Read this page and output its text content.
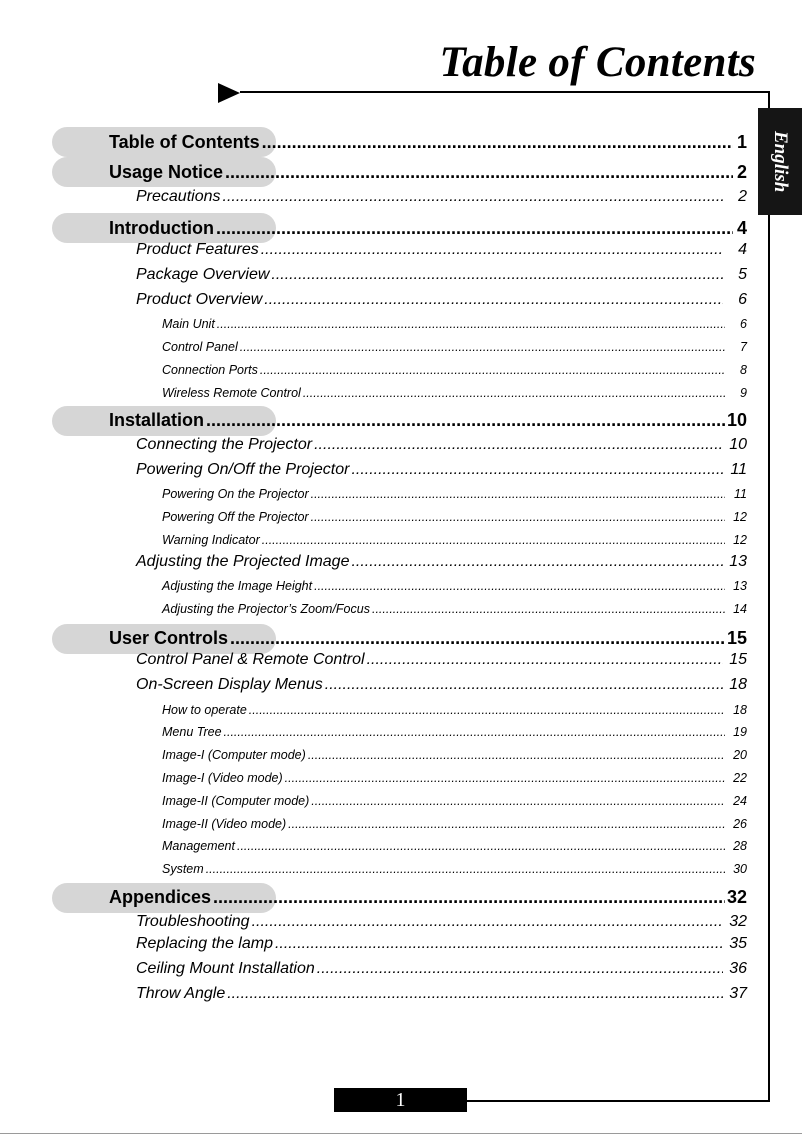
Table of Contents
English
Table of Contents .....	1
Usage Notice .....	2
Precautions .....	2
Introduction .....	4
Product Features .....	4
Package Overview .....	5
Product Overview .....	6
Main Unit .....	6
Control Panel .....	7
Connection Ports .....	8
Wireless Remote Control .....	9
Installation .....	10
Connecting the Projector .....	10
Powering On/Off the Projector .....	11
Powering On the Projector .....	11
Powering Off the Projector .....	12
Warning Indicator .....	12
Adjusting the Projected Image .....	13
Adjusting the Image Height .....	13
Adjusting the Projector’s Zoom/Focus .....	14
User Controls .....	15
Control Panel & Remote Control .....	15
On-Screen Display Menus .....	18
How to operate .....	18
Menu Tree .....	19
Image-I (Computer mode) .....	20
Image-I (Video mode) .....	22
Image-II (Computer mode) .....	24
Image-II (Video mode) .....	26
Management .....	28
System .....	30
Appendices .....	32
Troubleshooting .....	32
Replacing the lamp .....	35
Ceiling Mount Installation .....	36
Throw Angle .....	37
1
